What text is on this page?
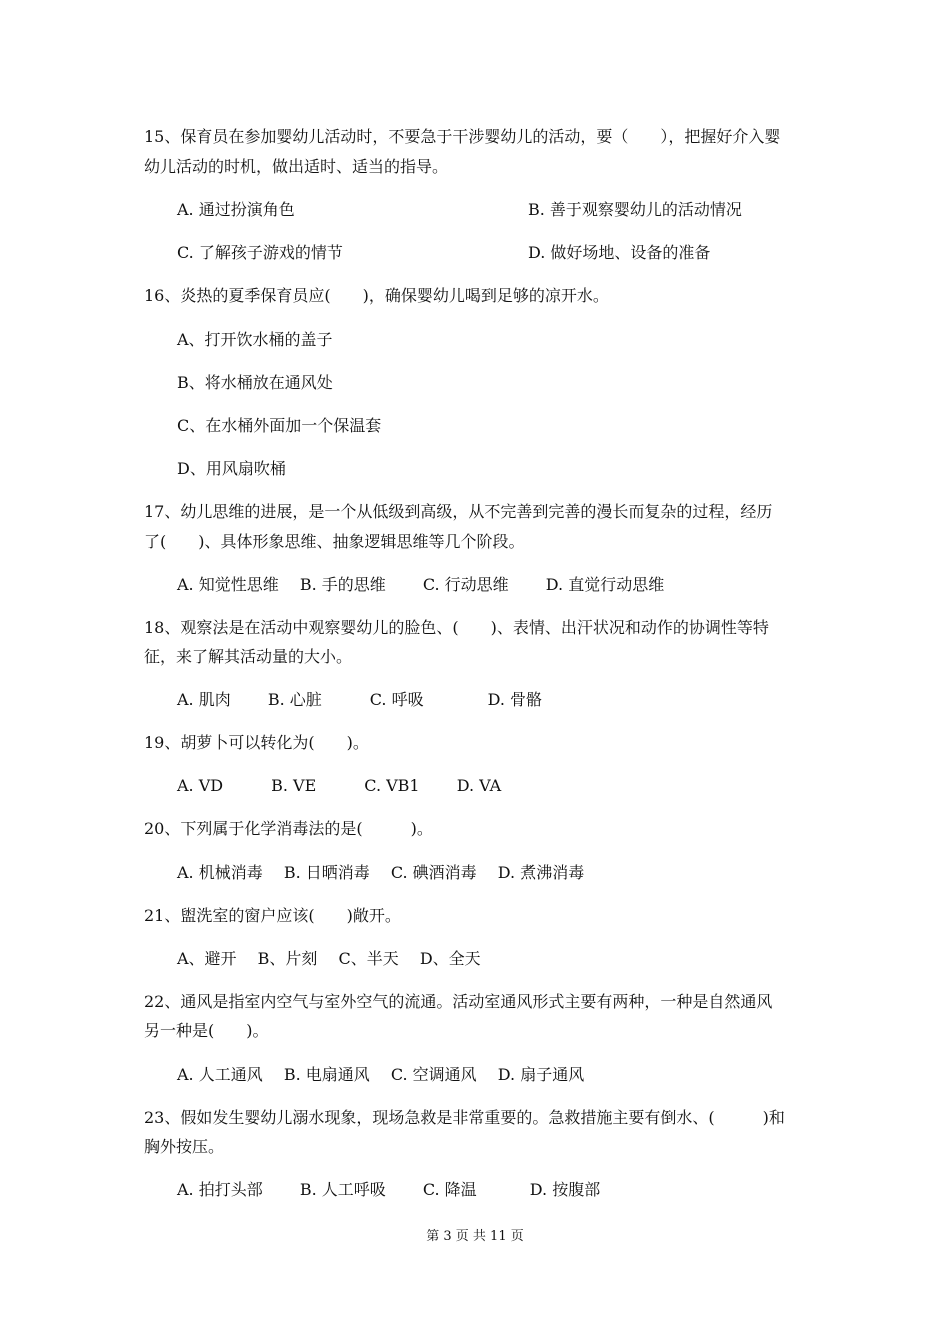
15、保育员在参加婴幼儿活动时，不要急于干涉婴幼儿的活动，要（　　），把握好介入婴
幼儿活动的时机，做出适时、适当的指导。
A. 通过扮演角色	B. 善于观察婴幼儿的活动情况
C. 了解孩子游戏的情节	D. 做好场地、设备的准备
16、炎热的夏季保育员应(　　)，确保婴幼儿喝到足够的凉开水。
A、打开饮水桶的盖子
B、将水桶放在通风处
C、在水桶外面加一个保温套
D、用风扇吹桶
17、幼儿思维的进展，是一个从低级到高级，从不完善到完善的漫长而复杂的过程，经历
了(　　)、具体形象思维、抽象逻辑思维等几个阶段。
A. 知觉性思维　 B. 手的思维　　 C. 行动思维　　 D. 直觉行动思维
18、观察法是在活动中观察婴幼儿的脸色、(　　)、表情、出汗状况和动作的协调性等特
征，来了解其活动量的大小。
A. 肌肉　　 B. 心脏　　　C. 呼吸　　　　D. 骨骼
19、胡萝卜可以转化为(　　)。
A. VD　　　B. VE　　　C. VB1　　 D. VA
20、下列属于化学消毒法的是(　　　)。
A. 机械消毒　 B. 日晒消毒　 C. 碘酒消毒　 D. 煮沸消毒
21、盥洗室的窗户应该(　　)敞开。
A、避开　 B、片刻　 C、半天　 D、全天
22、通风是指室内空气与室外空气的流通。活动室通风形式主要有两种，一种是自然通风
另一种是(　　)。
A. 人工通风　 B. 电扇通风　 C. 空调通风　 D. 扇子通风
23、假如发生婴幼儿溺水现象，现场急救是非常重要的。急救措施主要有倒水、(　　　)和
胸外按压。
A. 拍打头部　　 B. 人工呼吸　　 C. 降温　　　 D. 按腹部
第 3 页 共 11 页
